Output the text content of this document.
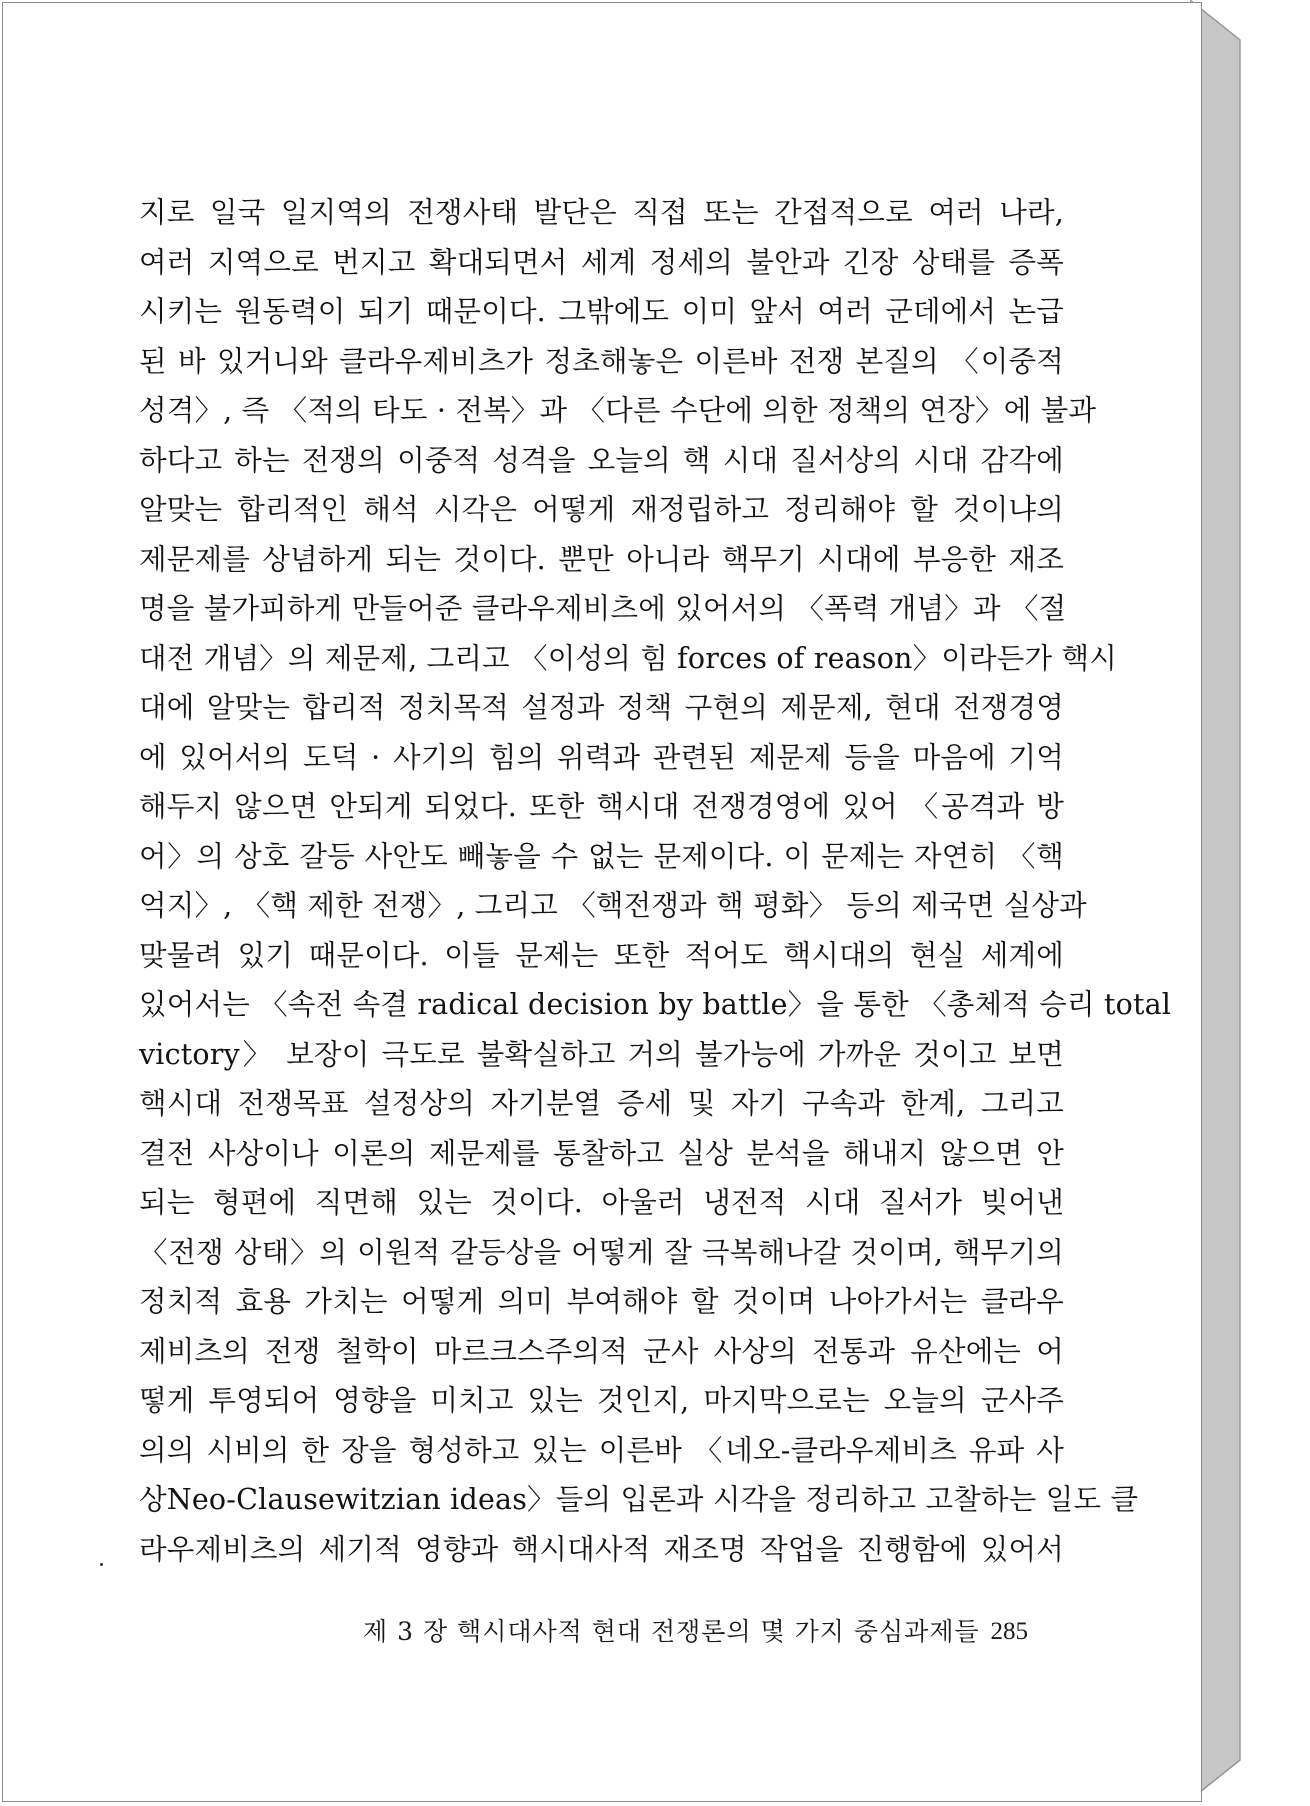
지로 일국 일지역의 전쟁사태 발단은 직접 또는 간접적으로 여러 나라,
여러 지역으로 번지고 확대되면서 세계 정세의 불안과 긴장 상태를 증폭
시키는 원동력이 되기 때문이다. 그밖에도 이미 앞서 여러 군데에서 논급
된 바 있거니와 클라우제비츠가 정초해놓은 이른바 전쟁 본질의 〈이중적
성격〉, 즉 〈적의 타도 · 전복〉과 〈다른 수단에 의한 정책의 연장〉에 불과
하다고 하는 전쟁의 이중적 성격을 오늘의 핵 시대 질서상의 시대 감각에
알맞는 합리적인 해석 시각은 어떻게 재정립하고 정리해야 할 것이냐의
제문제를 상념하게 되는 것이다. 뿐만 아니라 핵무기 시대에 부응한 재조
명을 불가피하게 만들어준 클라우제비츠에 있어서의 〈폭력 개념〉과 〈절
대전 개념〉의 제문제, 그리고 〈이성의 힘 forces of reason〉이라든가 핵시
대에 알맞는 합리적 정치목적 설정과 정책 구현의 제문제, 현대 전쟁경영
에 있어서의 도덕 · 사기의 힘의 위력과 관련된 제문제 등을 마음에 기억
해두지 않으면 안되게 되었다. 또한 핵시대 전쟁경영에 있어 〈공격과 방
어〉의 상호 갈등 사안도 빼놓을 수 없는 문제이다. 이 문제는 자연히 〈핵
억지〉, 〈핵 제한 전쟁〉, 그리고 〈핵전쟁과 핵 평화〉 등의 제국면 실상과
맞물려 있기 때문이다. 이들 문제는 또한 적어도 핵시대의 현실 세계에
있어서는 〈속전 속결 radical decision by battle〉을 통한 〈총체적 승리 total
victory〉 보장이 극도로 불확실하고 거의 불가능에 가까운 것이고 보면
핵시대 전쟁목표 설정상의 자기분열 증세 및 자기 구속과 한계, 그리고
결전 사상이나 이론의 제문제를 통찰하고 실상 분석을 해내지 않으면 안
되는 형편에 직면해 있는 것이다. 아울러 냉전적 시대 질서가 빚어낸
〈전쟁 상태〉의 이원적 갈등상을 어떻게 잘 극복해나갈 것이며, 핵무기의
정치적 효용 가치는 어떻게 의미 부여해야 할 것이며 나아가서는 클라우
제비츠의 전쟁 철학이 마르크스주의적 군사 사상의 전통과 유산에는 어
떻게 투영되어 영향을 미치고 있는 것인지, 마지막으로는 오늘의 군사주
의의 시비의 한 장을 형성하고 있는 이른바 〈네오-클라우제비츠 유파 사
상Neo-Clausewitzian ideas〉들의 입론과 시각을 정리하고 고찰하는 일도 클
라우제비츠의 세기적 영향과 핵시대사적 재조명 작업을 진행함에 있어서
제 3 장 핵시대사적 현대 전쟁론의 몇 가지 중심과제들 285
